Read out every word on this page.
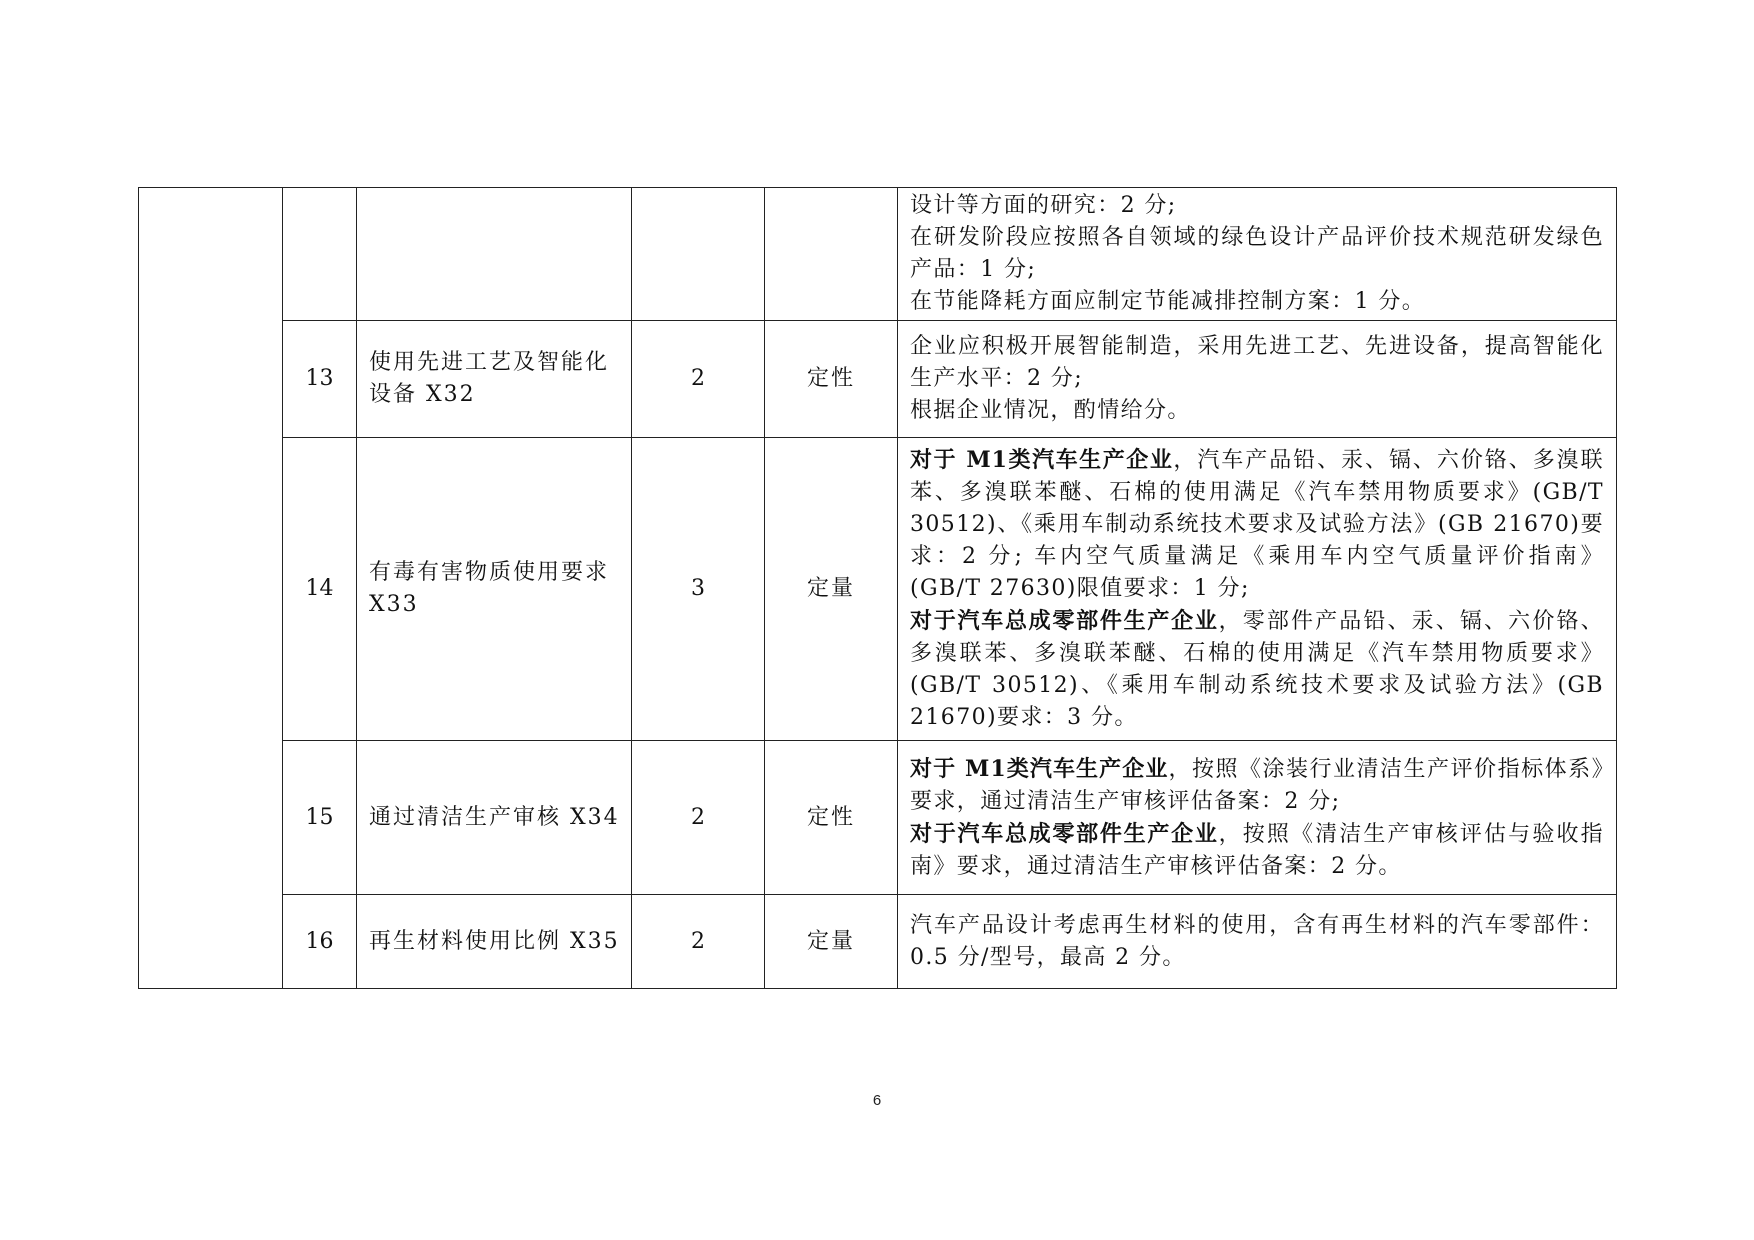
					设计等方面的研究：2 分;
在研发阶段应按照各自领域的绿色设计产品评价技术规范研发绿色产品：1 分;
在节能降耗方面应制定节能减排控制方案：1 分。

	13	使用先进工艺及智能化设备 X32	2	定性	企业应积极开展智能制造，采用先进工艺、先进设备，提高智能化生产水平：2 分;
根据企业情况，酌情给分。

	14	有毒有害物质使用要求 X33	3	定量	对于 M1类汽车生产企业，汽车产品铅、汞、镉、六价铬、多溴联苯、多溴联苯醚、石棉的使用满足《汽车禁用物质要求》(GB/T 30512)、《乘用车制动系统技术要求及试验方法》(GB 21670)要求：2 分; 车内空气质量满足《乘用车内空气质量评价指南》(GB/T 27630)限值要求：1 分;
对于汽车总成零部件生产企业，零部件产品铅、汞、镉、六价铬、多溴联苯、多溴联苯醚、石棉的使用满足《汽车禁用物质要求》(GB/T 30512)、《乘用车制动系统技术要求及试验方法》(GB 21670)要求：3 分。

	15	通过清洁生产审核 X34	2	定性	对于 M1类汽车生产企业，按照《涂装行业清洁生产评价指标体系》要求，通过清洁生产审核评估备案：2 分;
对于汽车总成零部件生产企业，按照《清洁生产审核评估与验收指南》要求，通过清洁生产审核评估备案：2 分。

	16	再生材料使用比例 X35	2	定量	汽车产品设计考虑再生材料的使用，含有再生材料的汽车零部件：0.5 分/型号，最高 2 分。
6
